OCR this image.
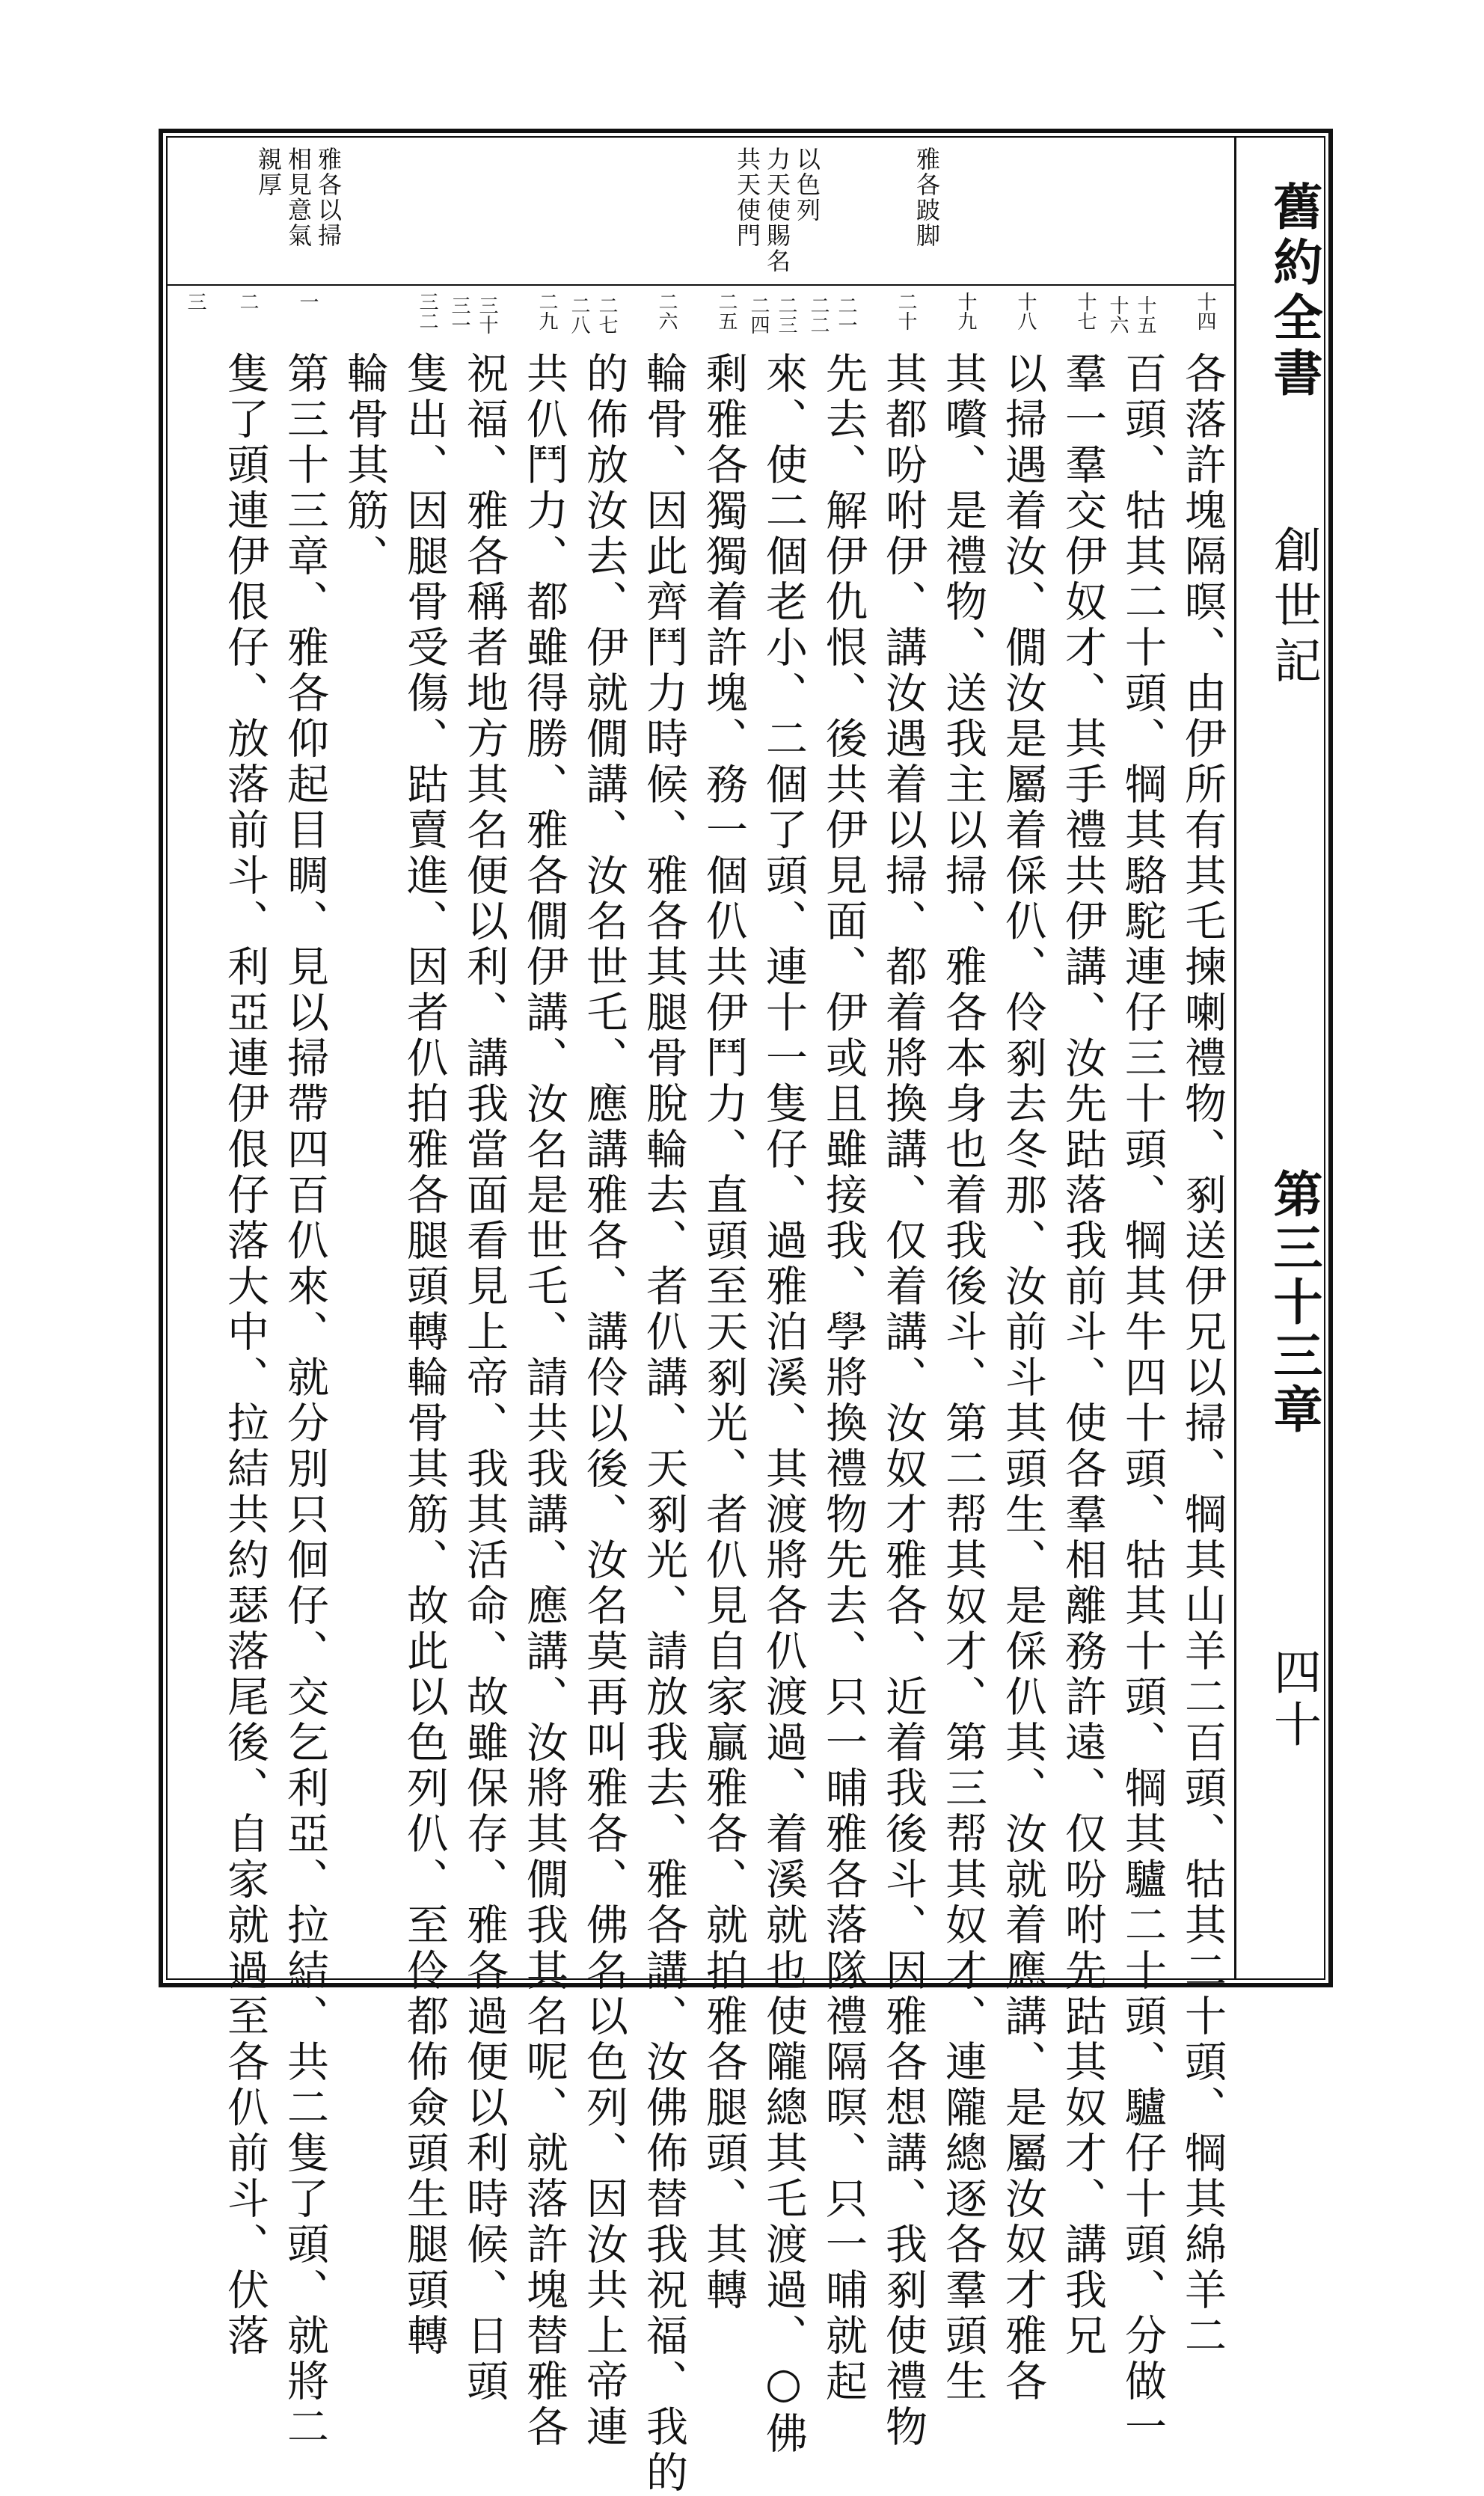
舊約全書
創世記
第三十三章
四十
共天使門 力天使賜名 以色列	雅各跛脚
雅各以掃
相見意氣
親厚
十四
十五十六
十七
十八
十九
二十
二一二二
二三二四
二五
二六
二七二八
二九
三十三一
三二
一
二
三
各落許塊隔暝、由伊所有其乇揀喇禮物、剢送伊兄以掃、犅其山羊二百頭、牯其二十頭、犅其綿羊二
百頭、牯其二十頭、犅其駱駝連仔三十頭、犅其牛四十頭、牯其十頭、犅其驢二十頭、驢仔十頭、分做一
羣一羣交伊奴才、其手禮共伊講、汝先跍落我前斗、使各羣相離務許遠、仅吩咐先跍其奴才、講我兄
以掃遇着汝、僩汝是屬着倸仈、伶剢去冬那、汝前斗其頭生、是倸仈其、汝就着應講、是屬汝奴才雅各
其嚽、是禮物、送我主以掃、雅各本身也着我後斗、第二帮其奴才、第三帮其奴才、連隴總逐各羣頭生
其都吩咐伊、講汝遇着以掃、都着將換講、仅着講、汝奴才雅各、近着我後斗、因雅各想講、我剢使禮物
先去、解伊仇恨、後共伊見面、伊或且雖接我、學將換禮物先去、只一晡雅各落隊禮隔暝、只一晡就起
來、使二個老小、二個了頭、連十一隻仔、過雅泊溪、其渡將各仈渡過、着溪就也使隴總其乇渡過、○佛
剩雅各獨獨着許塊、務一個仈共伊鬥力、直頭至天剢光、者仈見自家贏雅各、就拍雅各腿頭、其轉
輪骨、因此齊鬥力時候、雅各其腿骨脫輪去、者仈講、天剢光、請放我去、雅各講、汝佛佈替我祝福、我的
的佈放汝去、伊就僩講、汝名世乇、應講雅各、講伶以後、汝名莫再叫雅各、佛名以色列、因汝共上帝連
共仈鬥力、都雖得勝、雅各僩伊講、汝名是世乇、請共我講、應講、汝將其僩我其名呢、就落許塊替雅各
祝福、雅各稱者地方其名便以利、講我當面看見上帝、我其活命、故雖保存、雅各過便以利時候、日頭
隻出、因腿骨受傷、跍賣進、因者仈拍雅各腿頭轉輪骨其筋、故此以色列仈、至伶都佈僉頭生腿頭轉
輪骨其筋、
第三十三章、雅各仰起目睭、見以掃帶四百仈來、就分別只佪仔、交乞利亞、拉結、共二隻了頭、就將二
隻了頭連伊佷仔、放落前斗、利亞連伊佷仔落大中、拉結共約瑟落尾後、自家就過至各仈前斗、伏落
